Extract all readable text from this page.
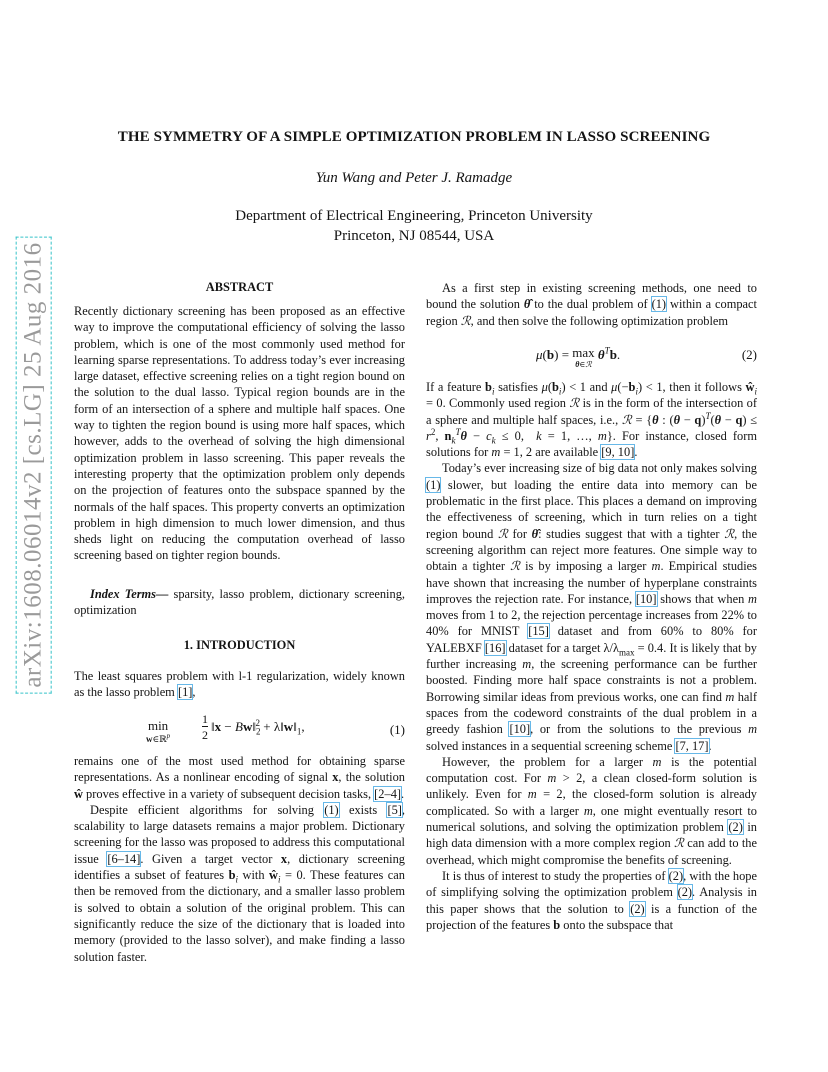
arXiv:1608.06014v2 [cs.LG] 25 Aug 2016
THE SYMMETRY OF A SIMPLE OPTIMIZATION PROBLEM IN LASSO SCREENING
Yun Wang and Peter J. Ramadge
Department of Electrical Engineering, Princeton University
Princeton, NJ 08544, USA
ABSTRACT

Recently dictionary screening has been proposed as an effective way to improve the computational efficiency of solving the lasso problem, which is one of the most commonly used method for learning sparse representations. To address today’s ever increasing large dataset, effective screening relies on a tight region bound on the solution to the dual lasso. Typical region bounds are in the form of an intersection of a sphere and multiple half spaces. One way to tighten the region bound is using more half spaces, which however, adds to the overhead of solving the high dimensional optimization problem in lasso screening. This paper reveals the interesting property that the optimization problem only depends on the projection of features onto the subspace spanned by the normals of the half spaces. This property converts an optimization problem in high dimension to much lower dimension, and thus sheds light on reducing the computation overhead of lasso screening based on tighter region bounds.

Index Terms— sparsity, lasso problem, dictionary screening, optimization

1. INTRODUCTION

The least squares problem with l-1 regularization, widely known as the lasso problem [1],

min
w∈ℝ$^p$
1
2
‖x − $Bw‖_2^2$ + $\lambda‖w‖_1$,	(1)

remains one of the most used method for obtaining sparse representations. As a nonlinear encoding of signal x, the solution ŵ proves effective in a variety of subsequent decision tasks, [2–4].

Despite efficient algorithms for solving (1) exists [5], scalability to large datasets remains a major problem. Dictionary screening for the lasso was proposed to address this computational issue [6–14]. Given a target vector x, dictionary screening identifies a subset of features $b_i$ with $ŵ_i = 0$. These features can then be removed from the dictionary, and a smaller lasso problem is solved to obtain a solution of the original problem. This can significantly reduce the size of the dictionary that is loaded into memory (provided to the lasso solver), and make finding a lasso solution faster.

As a first step in existing screening methods, one need to bound the solution θ̂ to the dual problem of (1) within a compact region ℛ, and then solve the following optimization problem

μ(b) = max
θ∈ℛ
$\theta^Tb$.	(2)

If a feature $b_i$ satisfies $\mu(b_i) < 1$ and $\mu(-b_i) < 1$, then it follows $ŵ_i = 0$. Commonly used region ℛ is in the form of the intersection of a sphere and multiple half spaces, i.e., ℛ = {θ : $(\theta - q)^T(\theta - q) \le r^2$, $n_k^T\theta - c_k \le 0$,  k = 1, …, m}. For instance, closed form solutions for m = 1, 2 are available [9, 10].

Today’s ever increasing size of big data not only makes solving (1) slower, but loading the entire data into memory can be problematic in the first place. This places a demand on improving the effectiveness of screening, which in turn relies on a tight region bound ℛ for θ̂: studies suggest that with a tighter ℛ, the screening algorithm can reject more features. One simple way to obtain a tighter ℛ is by imposing a larger m. Empirical studies have shown that increasing the number of hyperplane constraints improves the rejection rate. For instance, [10] shows that when m moves from 1 to 2, the rejection percentage increases from 22% to 40% for MNIST [15] dataset and from 60% to 80% for YALEBXF [16] dataset for a target $\lambda/\lambda_{max} = 0.4$. It is likely that by further increasing m, the screening performance can be further boosted. Finding more half space constraints is not a problem. Borrowing similar ideas from previous works, one can find m half spaces from the codeword constraints of the dual problem in a greedy fashion [10], or from the solutions to the previous m solved instances in a sequential screening scheme [7, 17].

However, the problem for a larger m is the potential computation cost. For m > 2, a clean closed-form solution is unlikely. Even for m = 2, the closed-form solution is already complicated. So with a larger m, one might eventually resort to numerical solutions, and solving the optimization problem (2) in high data dimension with a more complex region ℛ can add to the overhead, which might compromise the benefits of screening.

It is thus of interest to study the properties of (2), with the hope of simplifying solving the optimization problem (2). Analysis in this paper shows that the solution to (2) is a function of the projection of the features b onto the subspace that
